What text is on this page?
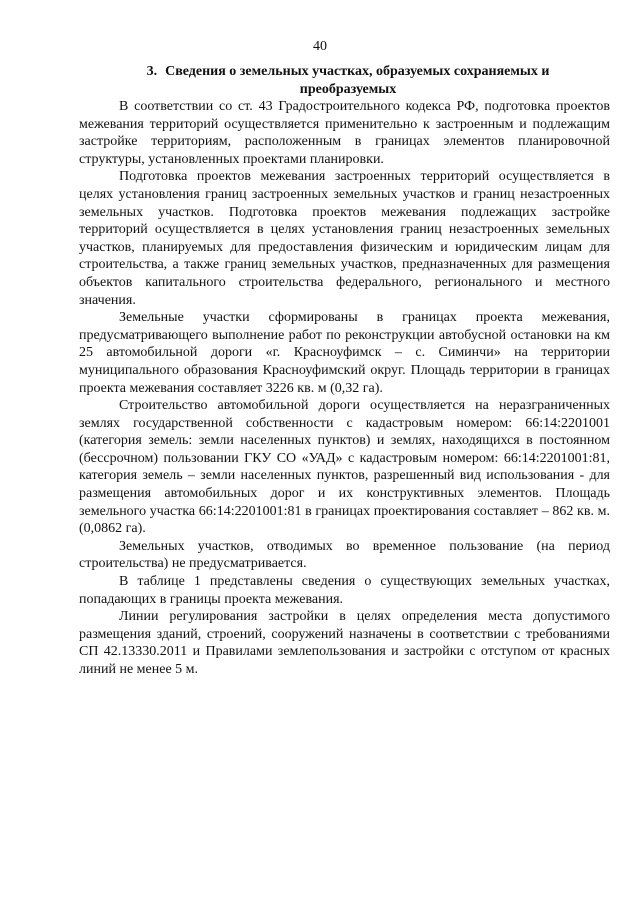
40
3. Сведения о земельных участках, образуемых сохраняемых и преобразуемых

В соответствии со ст. 43 Градостроительного кодекса РФ, подготовка проектов межевания территорий осуществляется применительно к застроенным и подлежащим застройке территориям, расположенным в границах элементов планировочной структуры, установленных проектами планировки.

Подготовка проектов межевания застроенных территорий осуществляется в целях установления границ застроенных земельных участков и границ незастроенных земельных участков. Подготовка проектов межевания подлежащих застройке территорий осуществляется в целях установления границ незастроенных земельных участков, планируемых для предоставления физическим и юридическим лицам для строительства, а также границ земельных участков, предназначенных для размещения объектов капитального строительства федерального, регионального и местного значения.

Земельные участки сформированы в границах проекта межевания, предусматривающего выполнение работ по реконструкции автобусной остановки на км 25 автомобильной дороги «г. Красноуфимск – с. Симинчи» на территории муниципального образования Красноуфимский округ. Площадь территории в границах проекта межевания составляет 3226 кв. м (0,32 га).

Строительство автомобильной дороги осуществляется на неразграниченных землях государственной собственности с кадастровым номером: 66:14:2201001 (категория земель: земли населенных пунктов) и землях, находящихся в постоянном (бессрочном) пользовании ГКУ СО «УАД» с кадастровым номером: 66:14:2201001:81, категория земель – земли населенных пунктов, разрешенный вид использования - для размещения автомобильных дорог и их конструктивных элементов. Площадь земельного участка 66:14:2201001:81 в границах проектирования составляет – 862 кв. м. (0,0862 га).

Земельных участков, отводимых во временное пользование (на период строительства) не предусматривается.

В таблице 1 представлены сведения о существующих земельных участках, попадающих в границы проекта межевания.

Линии регулирования застройки в целях определения места допустимого размещения зданий, строений, сооружений назначены в соответствии с требованиями СП 42.13330.2011 и Правилами землепользования и застройки с отступом от красных линий не менее 5 м.
